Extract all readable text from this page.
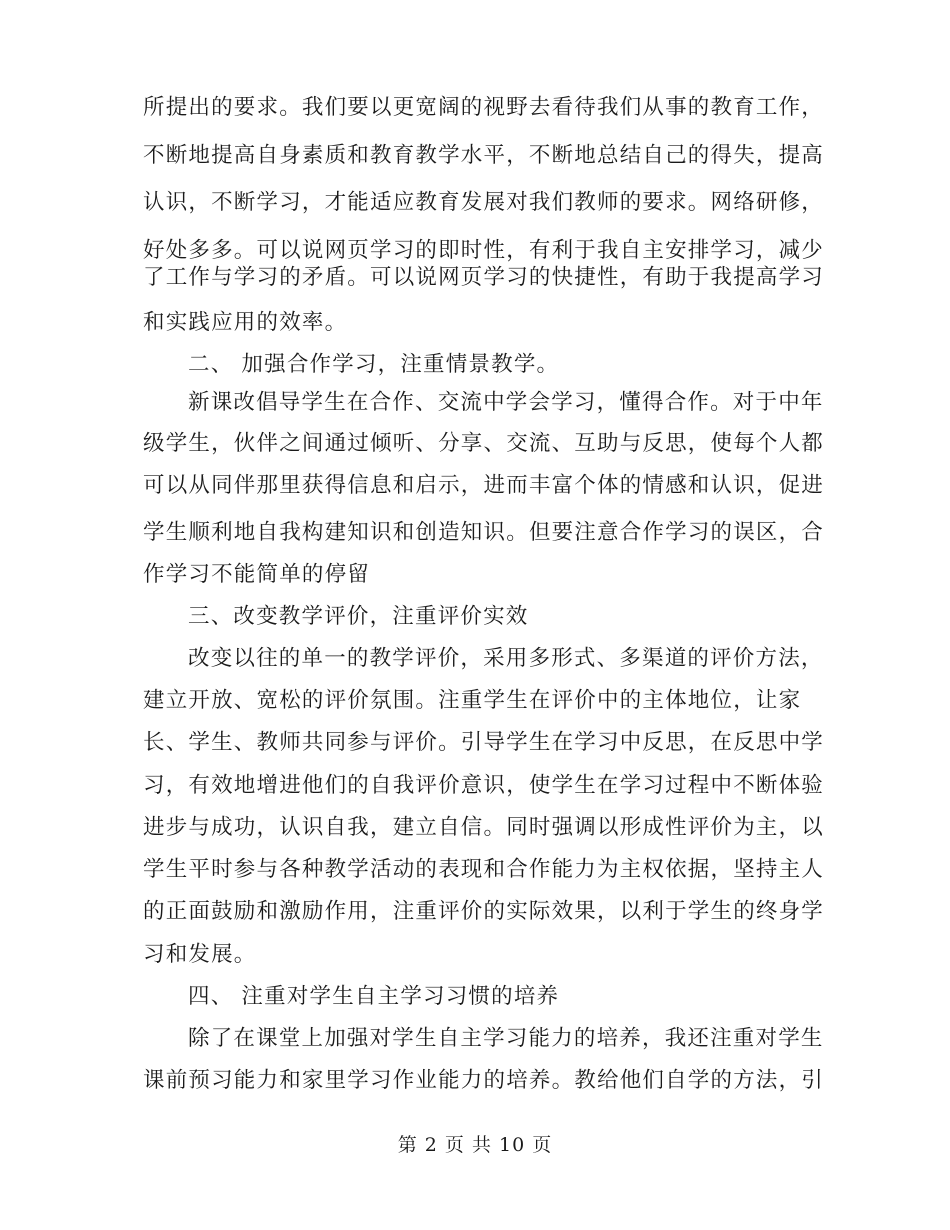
所提出的要求。我们要以更宽阔的视野去看待我们从事的教育工作，
不断地提高自身素质和教育教学水平，不断地总结自己的得失，提高
认识，不断学习，才能适应教育发展对我们教师的要求。网络研修，
好处多多。可以说网页学习的即时性，有利于我自主安排学习，减少
了工作与学习的矛盾。可以说网页学习的快捷性，有助于我提高学习
和实践应用的效率。
二、 加强合作学习，注重情景教学。
新课改倡导学生在合作、交流中学会学习，懂得合作。对于中年
级学生，伙伴之间通过倾听、分享、交流、互助与反思，使每个人都
可以从同伴那里获得信息和启示，进而丰富个体的情感和认识，促进
学生顺利地自我构建知识和创造知识。但要注意合作学习的误区，合
作学习不能简单的停留
三、改变教学评价，注重评价实效
改变以往的单一的教学评价，采用多形式、多渠道的评价方法，
建立开放、宽松的评价氛围。注重学生在评价中的主体地位，让家
长、学生、教师共同参与评价。引导学生在学习中反思，在反思中学
习，有效地增进他们的自我评价意识，使学生在学习过程中不断体验
进步与成功，认识自我，建立自信。同时强调以形成性评价为主，以
学生平时参与各种教学活动的表现和合作能力为主权依据，坚持主人
的正面鼓励和激励作用，注重评价的实际效果，以利于学生的终身学
习和发展。
四、 注重对学生自主学习习惯的培养
除了在课堂上加强对学生自主学习能力的培养，我还注重对学生
课前预习能力和家里学习作业能力的培养。教给他们自学的方法，引
第 2 页 共 10 页
